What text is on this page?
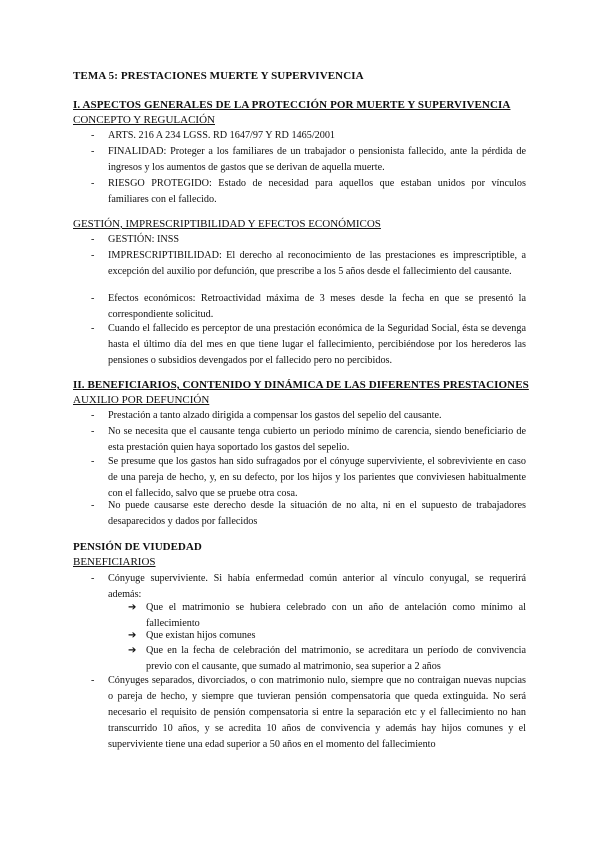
TEMA 5: PRESTACIONES MUERTE Y SUPERVIVENCIA
I. ASPECTOS GENERALES DE LA PROTECCIÓN POR MUERTE Y SUPERVIVENCIA
CONCEPTO Y REGULACIÓN
- ARTS. 216 A 234 LGSS. RD 1647/97 Y RD 1465/2001
- FINALIDAD: Proteger a los familiares de un trabajador o pensionista fallecido, ante la pérdida de ingresos y los aumentos de gastos que se derivan de aquella muerte.
- RIESGO PROTEGIDO: Estado de necesidad para aquellos que estaban unidos por vínculos familiares con el fallecido.
GESTIÓN, IMPRESCRIPTIBILIDAD Y EFECTOS ECONÓMICOS
- GESTIÓN: INSS
- IMPRESCRIPTIBILIDAD: El derecho al reconocimiento de las prestaciones es imprescriptible, a excepción del auxilio por defunción, que prescribe a los 5 años desde el fallecimiento del causante.
- Efectos económicos: Retroactividad máxima de 3 meses desde la fecha en que se presentó la correspondiente solicitud.
- Cuando el fallecido es perceptor de una prestación económica de la Seguridad Social, ésta se devenga hasta el último día del mes en que tiene lugar el fallecimiento, percibiéndose por los herederos las pensiones o subsidios devengados por el fallecido pero no percibidos.
II. BENEFICIARIOS, CONTENIDO Y DINÁMICA DE LAS DIFERENTES PRESTACIONES
AUXILIO POR DEFUNCIÓN
- Prestación a tanto alzado dirigida a compensar los gastos del sepelio del causante.
- No se necesita que el causante tenga cubierto un periodo mínimo de carencia, siendo beneficiario de esta prestación quien haya soportado los gastos del sepelio.
- Se presume que los gastos han sido sufragados por el cónyuge superviviente, el sobreviviente en caso de una pareja de hecho, y, en su defecto, por los hijos y los parientes que conviviesen habitualmente con el fallecido, salvo que se pruebe otra cosa.
- No puede causarse este derecho desde la situación de no alta, ni en el supuesto de trabajadores desaparecidos y dados por fallecidos
PENSIÓN DE VIUDEDAD
BENEFICIARIOS
- Cónyuge superviviente. Si había enfermedad común anterior al vínculo conyugal, se requerirá además:
➔ Que el matrimonio se hubiera celebrado con un año de antelación como mínimo al fallecimiento
➔ Que existan hijos comunes
➔ Que en la fecha de celebración del matrimonio, se acreditara un período de convivencia previo con el causante, que sumado al matrimonio, sea superior a 2 años
- Cónyuges separados, divorciados, o con matrimonio nulo, siempre que no contraigan nuevas nupcias o pareja de hecho, y siempre que tuvieran pensión compensatoria que queda extinguida. No será necesario el requisito de pensión compensatoria si entre la separación etc y el fallecimiento no han transcurrido 10 años, y se acredita 10 años de convivencia y además hay hijos comunes y el superviviente tiene una edad superior a 50 años en el momento del fallecimiento
